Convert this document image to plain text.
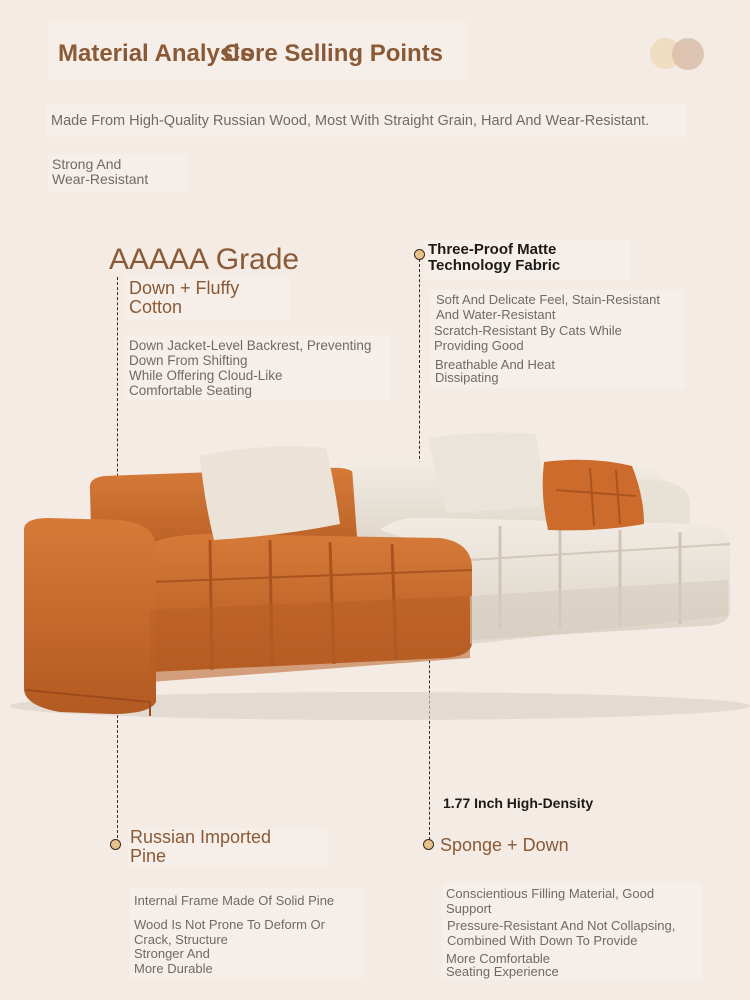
Material Analysis
Core Selling Points
Made From High-Quality Russian Wood, Most With Straight Grain, Hard And Wear-Resistant.
Strong And
Wear-Resistant
AAAAA Grade
Down + Fluffy
Cotton
Down Jacket-Level Backrest, Preventing
Down From Shifting
While Offering Cloud-Like
Comfortable Seating
Three-Proof Matte
Technology Fabric
Soft And Delicate Feel, Stain-Resistant
And Water-Resistant
Scratch-Resistant By Cats While
Providing Good
Breathable And Heat
Dissipating
1.77 Inch High-Density
Russian Imported
Pine
Internal Frame Made Of Solid Pine
Wood Is Not Prone To Deform Or
Crack, Structure
Stronger And
More Durable
Sponge + Down
Conscientious Filling Material, Good
Support
Pressure-Resistant And Not Collapsing,
Combined With Down To Provide
More Comfortable
Seating Experience
